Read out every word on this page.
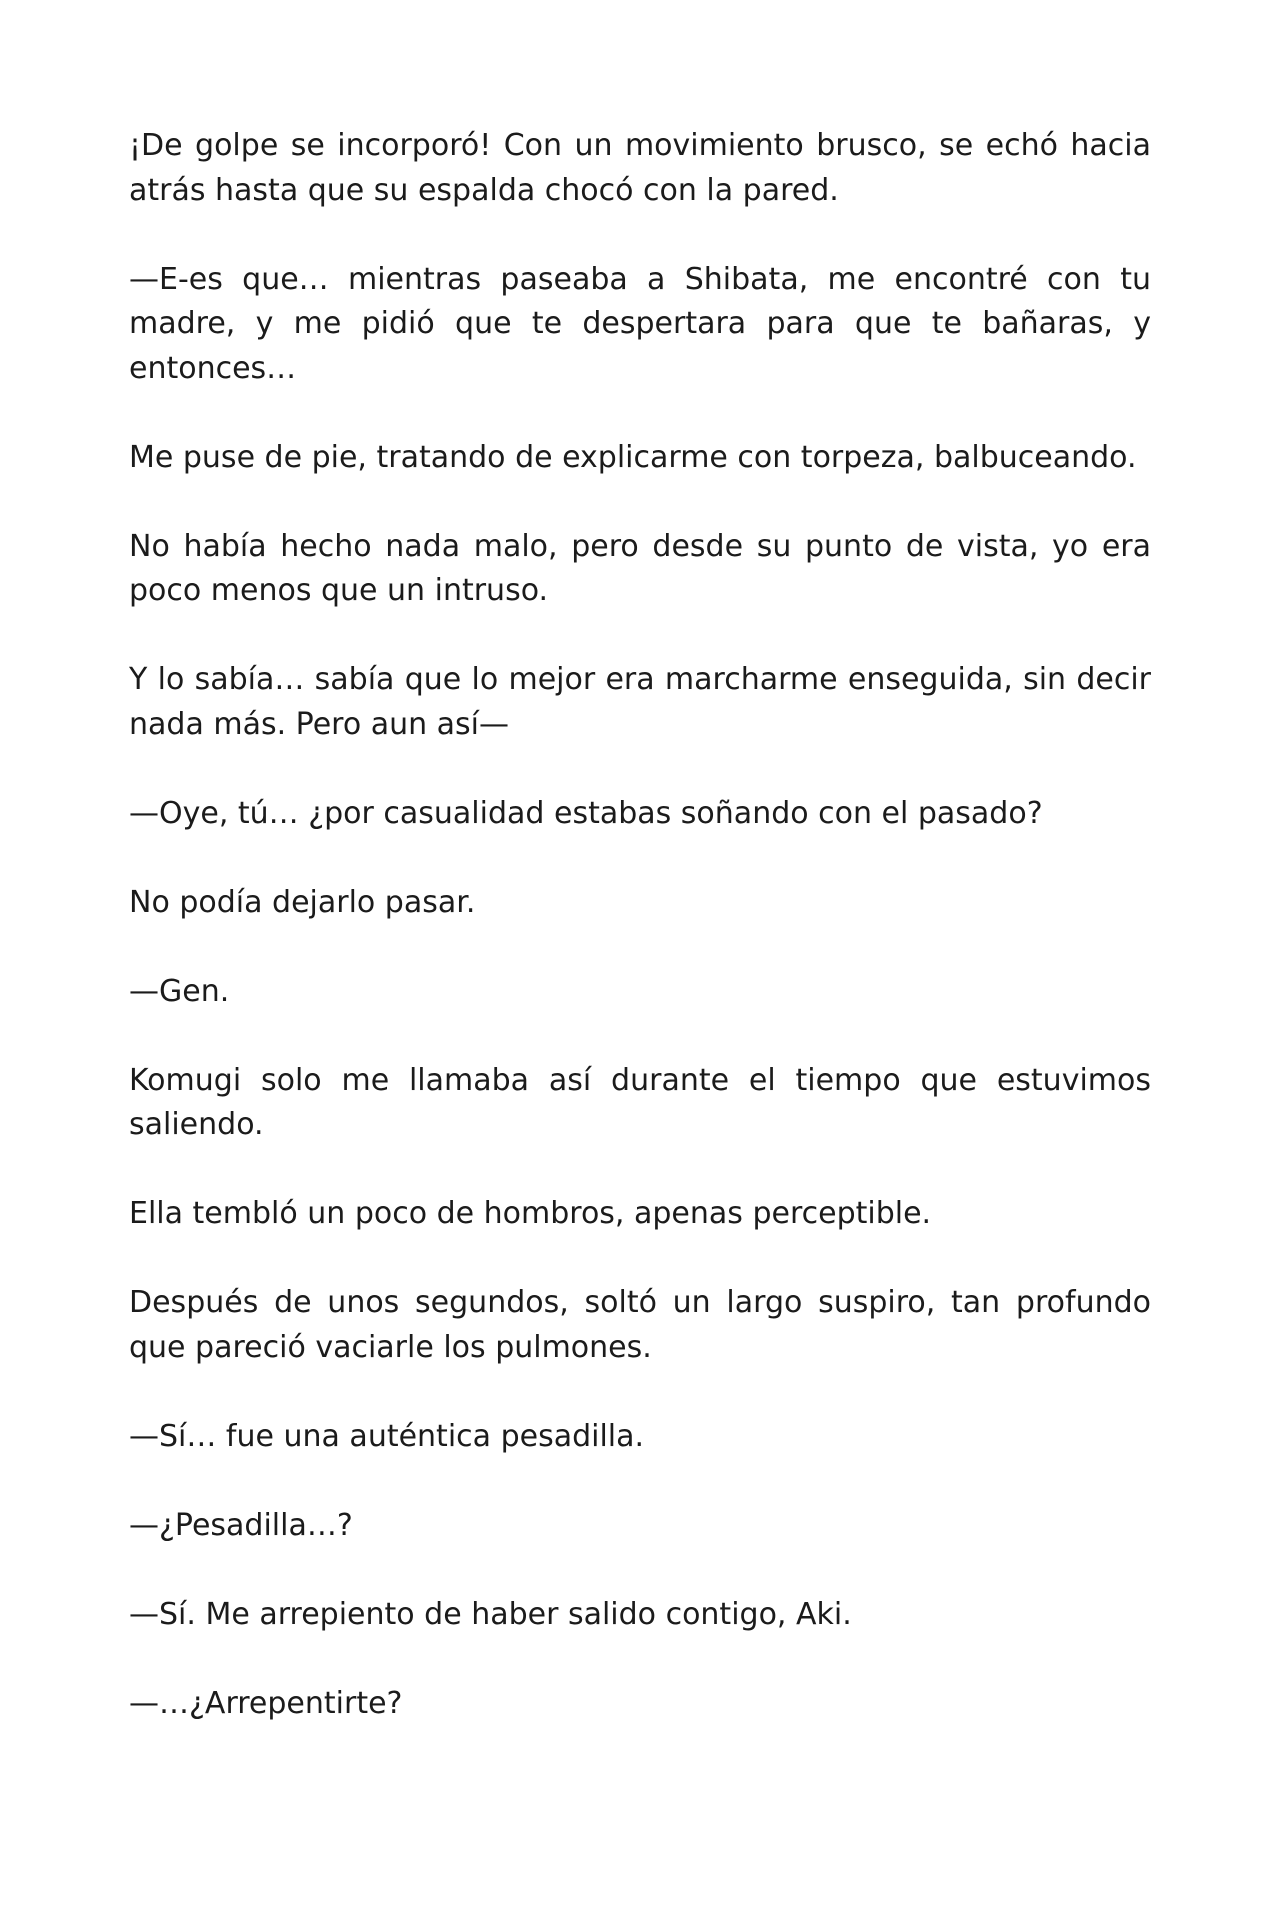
¡De golpe se incorporó! Con un movimiento brusco, se echó hacia atrás hasta que su espalda chocó con la pared.

—E-es que… mientras paseaba a Shibata, me encontré con tu madre, y me pidió que te despertara para que te bañaras, y entonces…

Me puse de pie, tratando de explicarme con torpeza, balbuceando.

No había hecho nada malo, pero desde su punto de vista, yo era poco menos que un intruso.

Y lo sabía… sabía que lo mejor era marcharme enseguida, sin decir nada más. Pero aun así—

—Oye, tú… ¿por casualidad estabas soñando con el pasado?

No podía dejarlo pasar.

—Gen.

Komugi solo me llamaba así durante el tiempo que estuvimos saliendo.

Ella tembló un poco de hombros, apenas perceptible.

Después de unos segundos, soltó un largo suspiro, tan profundo que pareció vaciarle los pulmones.

—Sí… fue una auténtica pesadilla.

—¿Pesadilla…?

—Sí. Me arrepiento de haber salido contigo, Aki.

—…¿Arrepentirte?
